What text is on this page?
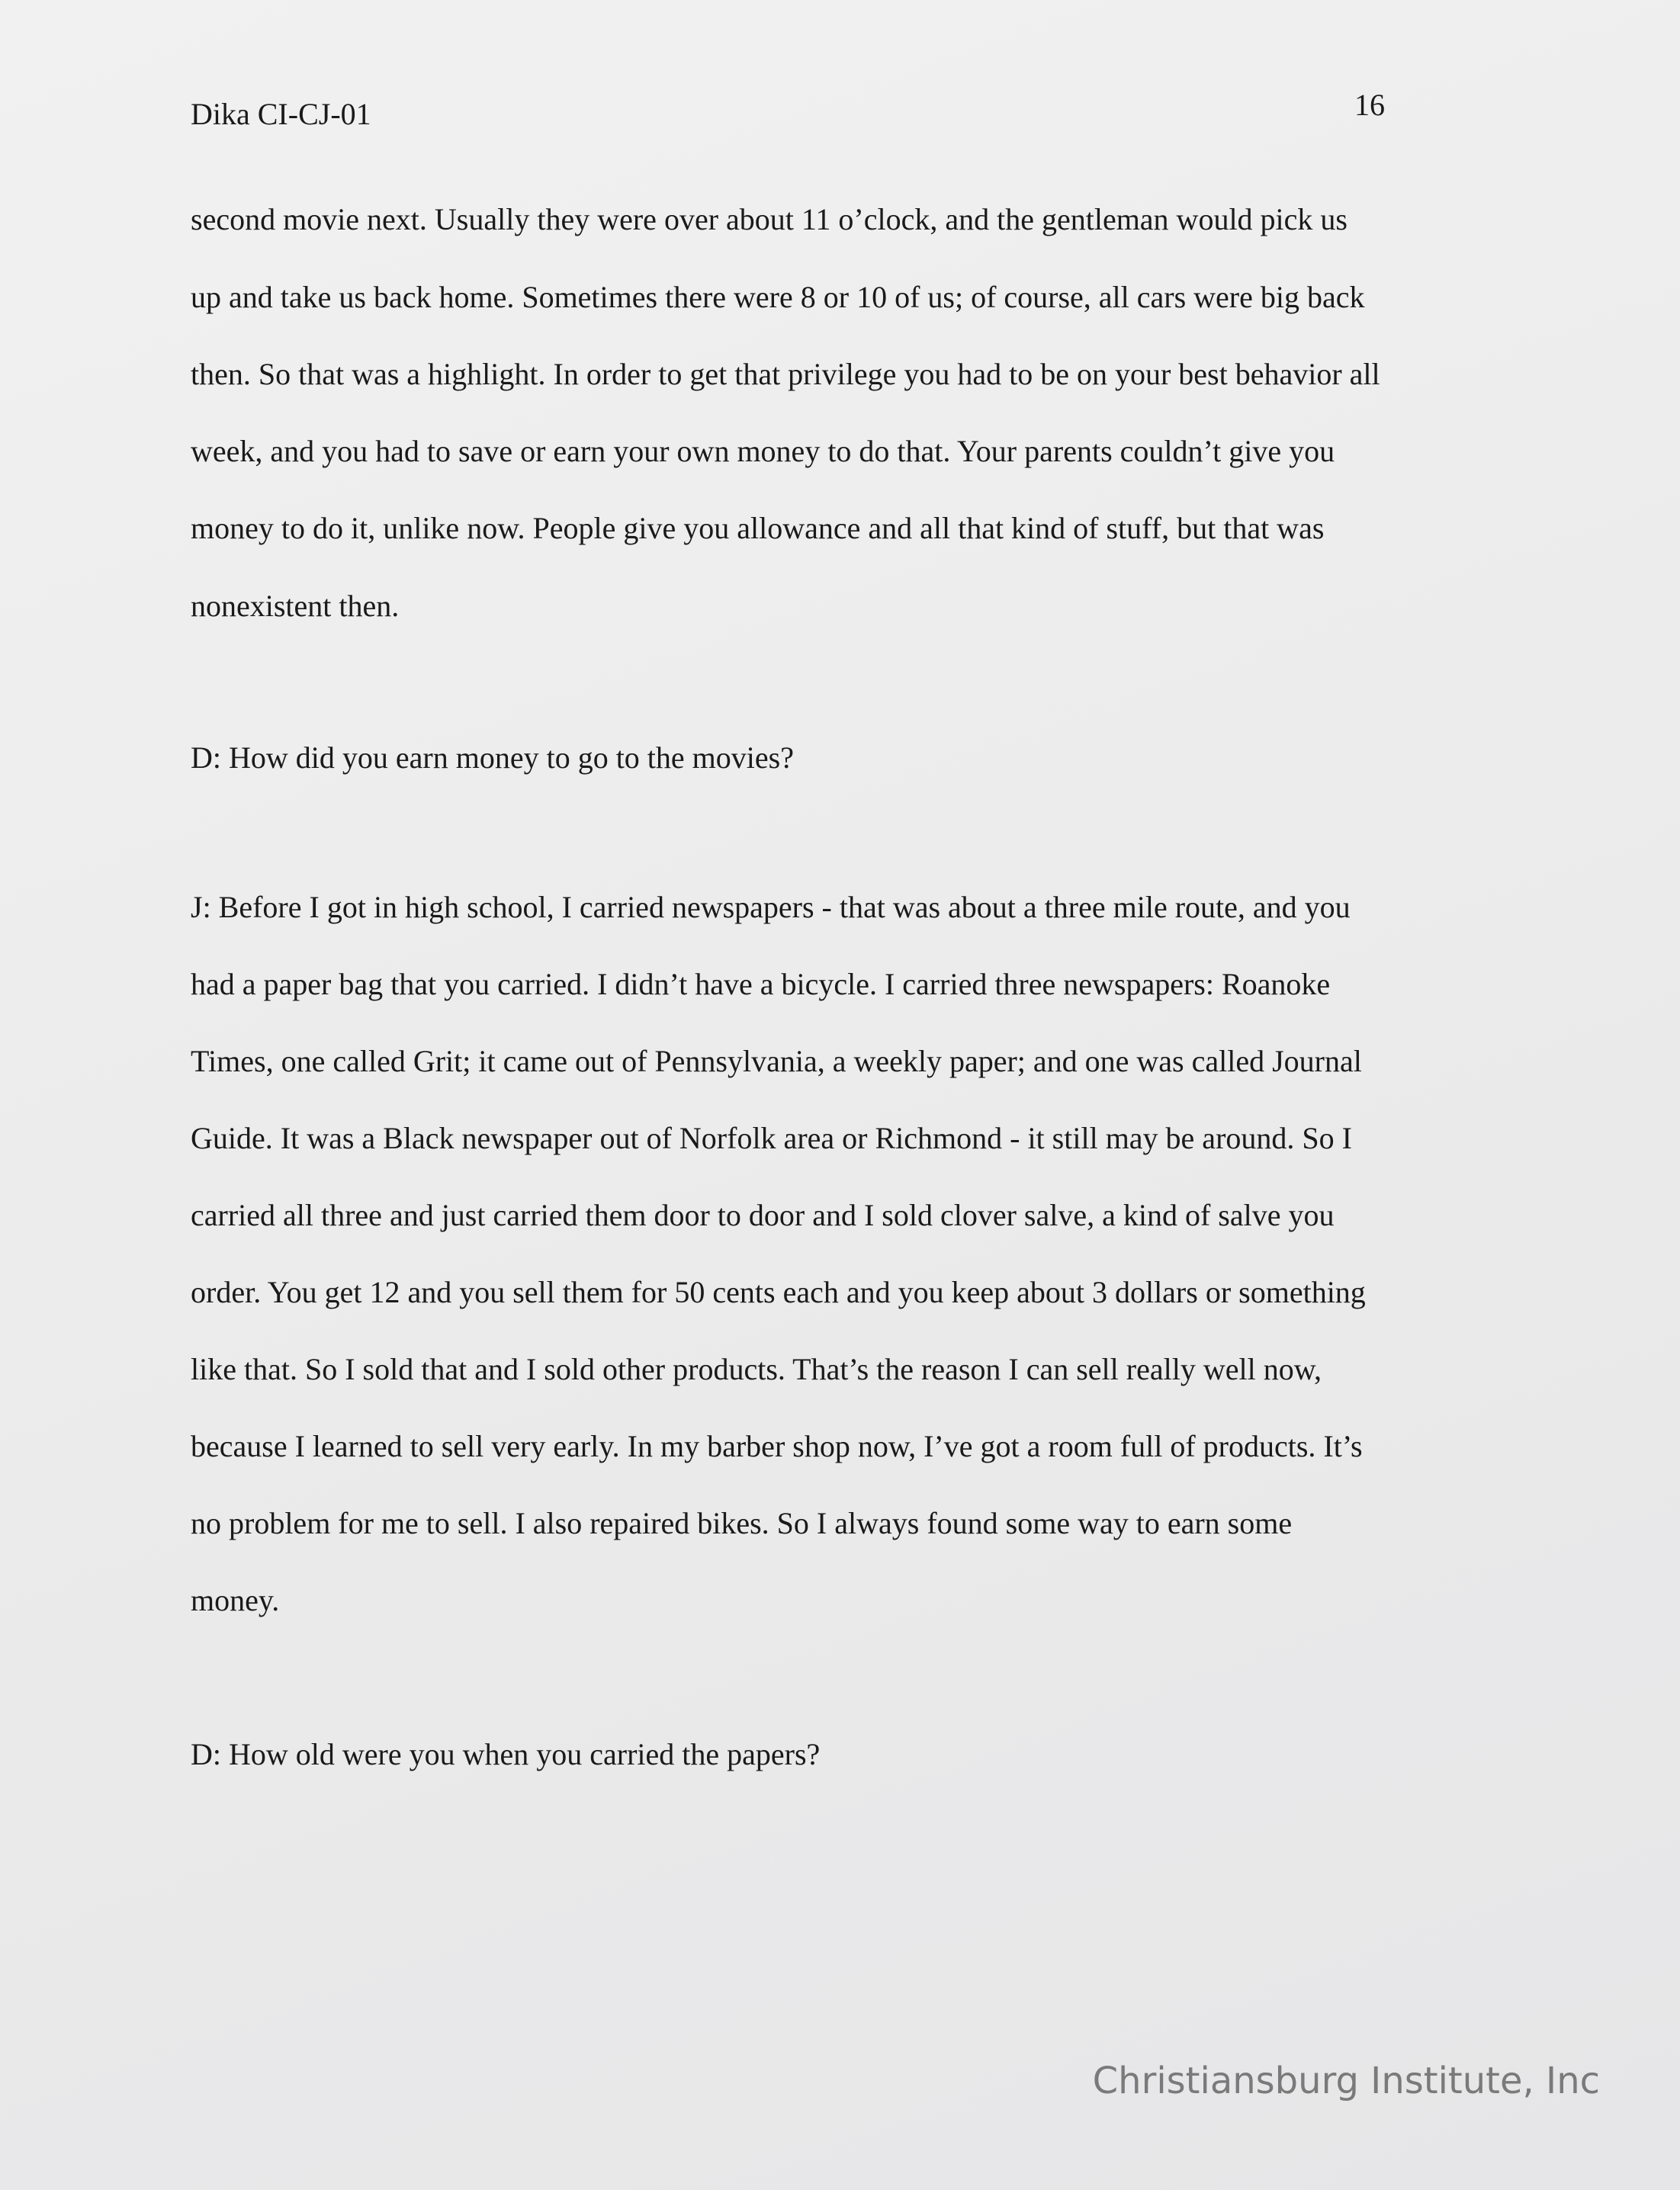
Dika CI-CJ-01	16
second movie next. Usually they were over about 11 o’clock, and the gentleman would pick us
up and take us back home. Sometimes there were 8 or 10 of us; of course, all cars were big back
then. So that was a highlight. In order to get that privilege you had to be on your best behavior all
week, and you had to save or earn your own money to do that. Your parents couldn’t give you
money to do it, unlike now. People give you allowance and all that kind of stuff, but that was
nonexistent then.
D: How did you earn money to go to the movies?
J: Before I got in high school, I carried newspapers - that was about a three mile route, and you
had a paper bag that you carried. I didn’t have a bicycle. I carried three newspapers: Roanoke
Times, one called Grit; it came out of Pennsylvania, a weekly paper; and one was called Journal
Guide. It was a Black newspaper out of Norfolk area or Richmond - it still may be around. So I
carried all three and just carried them door to door and I sold clover salve, a kind of salve you
order. You get 12 and you sell them for 50 cents each and you keep about 3 dollars or something
like that. So I sold that and I sold other products. That’s the reason I can sell really well now,
because I learned to sell very early. In my barber shop now, I’ve got a room full of products. It’s
no problem for me to sell. I also repaired bikes. So I always found some way to earn some
money.
D: How old were you when you carried the papers?
Christiansburg Institute, Inc
